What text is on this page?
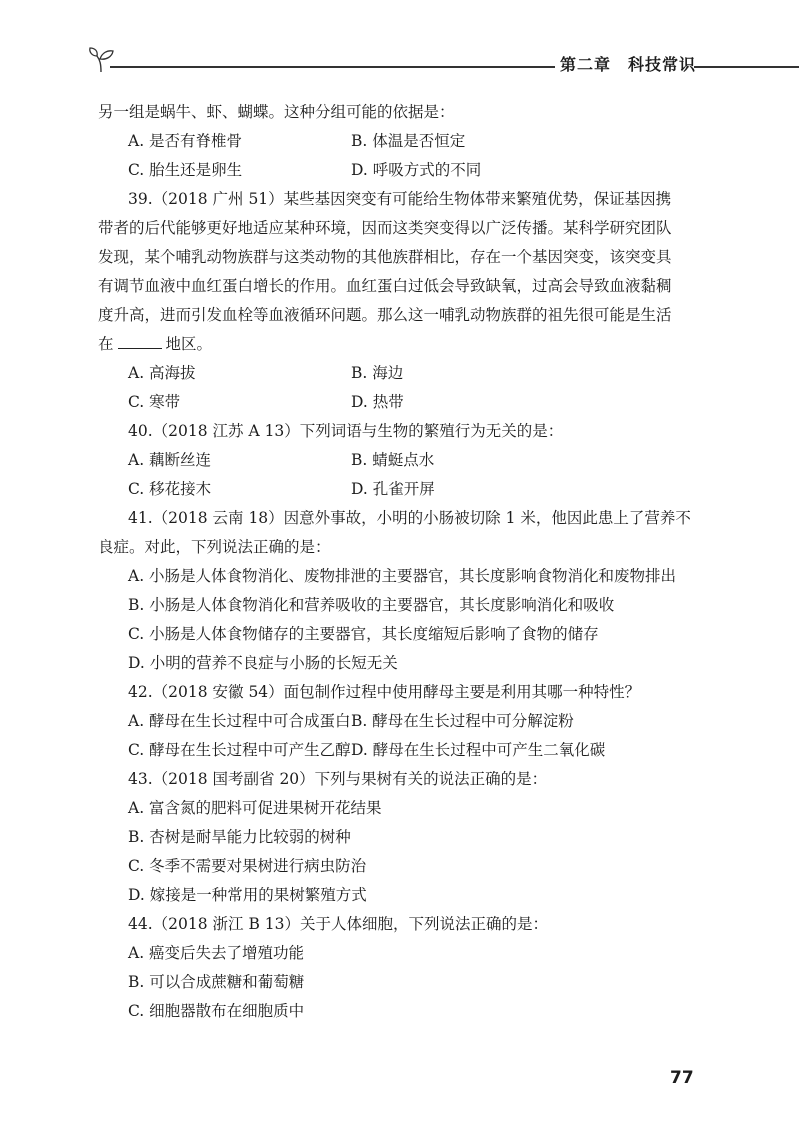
第二章　科技常识
另一组是蜗牛、虾、蝴蝶。这种分组可能的依据是：
A. 是否有脊椎骨	B. 体温是否恒定
C. 胎生还是卵生	D. 呼吸方式的不同
39.（2018 广州 51）某些基因突变有可能给生物体带来繁殖优势，保证基因携
带者的后代能够更好地适应某种环境，因而这类突变得以广泛传播。某科学研究团队
发现，某个哺乳动物族群与这类动物的其他族群相比，存在一个基因突变，该突变具
有调节血液中血红蛋白增长的作用。血红蛋白过低会导致缺氧，过高会导致血液黏稠
度升高，进而引发血栓等血液循环问题。那么这一哺乳动物族群的祖先很可能是生活
在	地区。
A. 高海拔	B. 海边
C. 寒带	D. 热带
40.（2018 江苏 A 13）下列词语与生物的繁殖行为无关的是：
A. 藕断丝连	B. 蜻蜓点水
C. 移花接木	D. 孔雀开屏
41.（2018 云南 18）因意外事故，小明的小肠被切除 1 米，他因此患上了营养不
良症。对此，下列说法正确的是：
A. 小肠是人体食物消化、废物排泄的主要器官，其长度影响食物消化和废物排出
B. 小肠是人体食物消化和营养吸收的主要器官，其长度影响消化和吸收
C. 小肠是人体食物储存的主要器官，其长度缩短后影响了食物的储存
D. 小明的营养不良症与小肠的长短无关
42.（2018 安徽 54）面包制作过程中使用酵母主要是利用其哪一种特性？
A. 酵母在生长过程中可合成蛋白 B. 酵母在生长过程中可分解淀粉
C. 酵母在生长过程中可产生乙醇 D. 酵母在生长过程中可产生二氧化碳
43.（2018 国考副省 20）下列与果树有关的说法正确的是：
A. 富含氮的肥料可促进果树开花结果
B. 杏树是耐旱能力比较弱的树种
C. 冬季不需要对果树进行病虫防治
D. 嫁接是一种常用的果树繁殖方式
44.（2018 浙江 B 13）关于人体细胞，下列说法正确的是：
A. 癌变后失去了增殖功能
B. 可以合成蔗糖和葡萄糖
C. 细胞器散布在细胞质中
77
